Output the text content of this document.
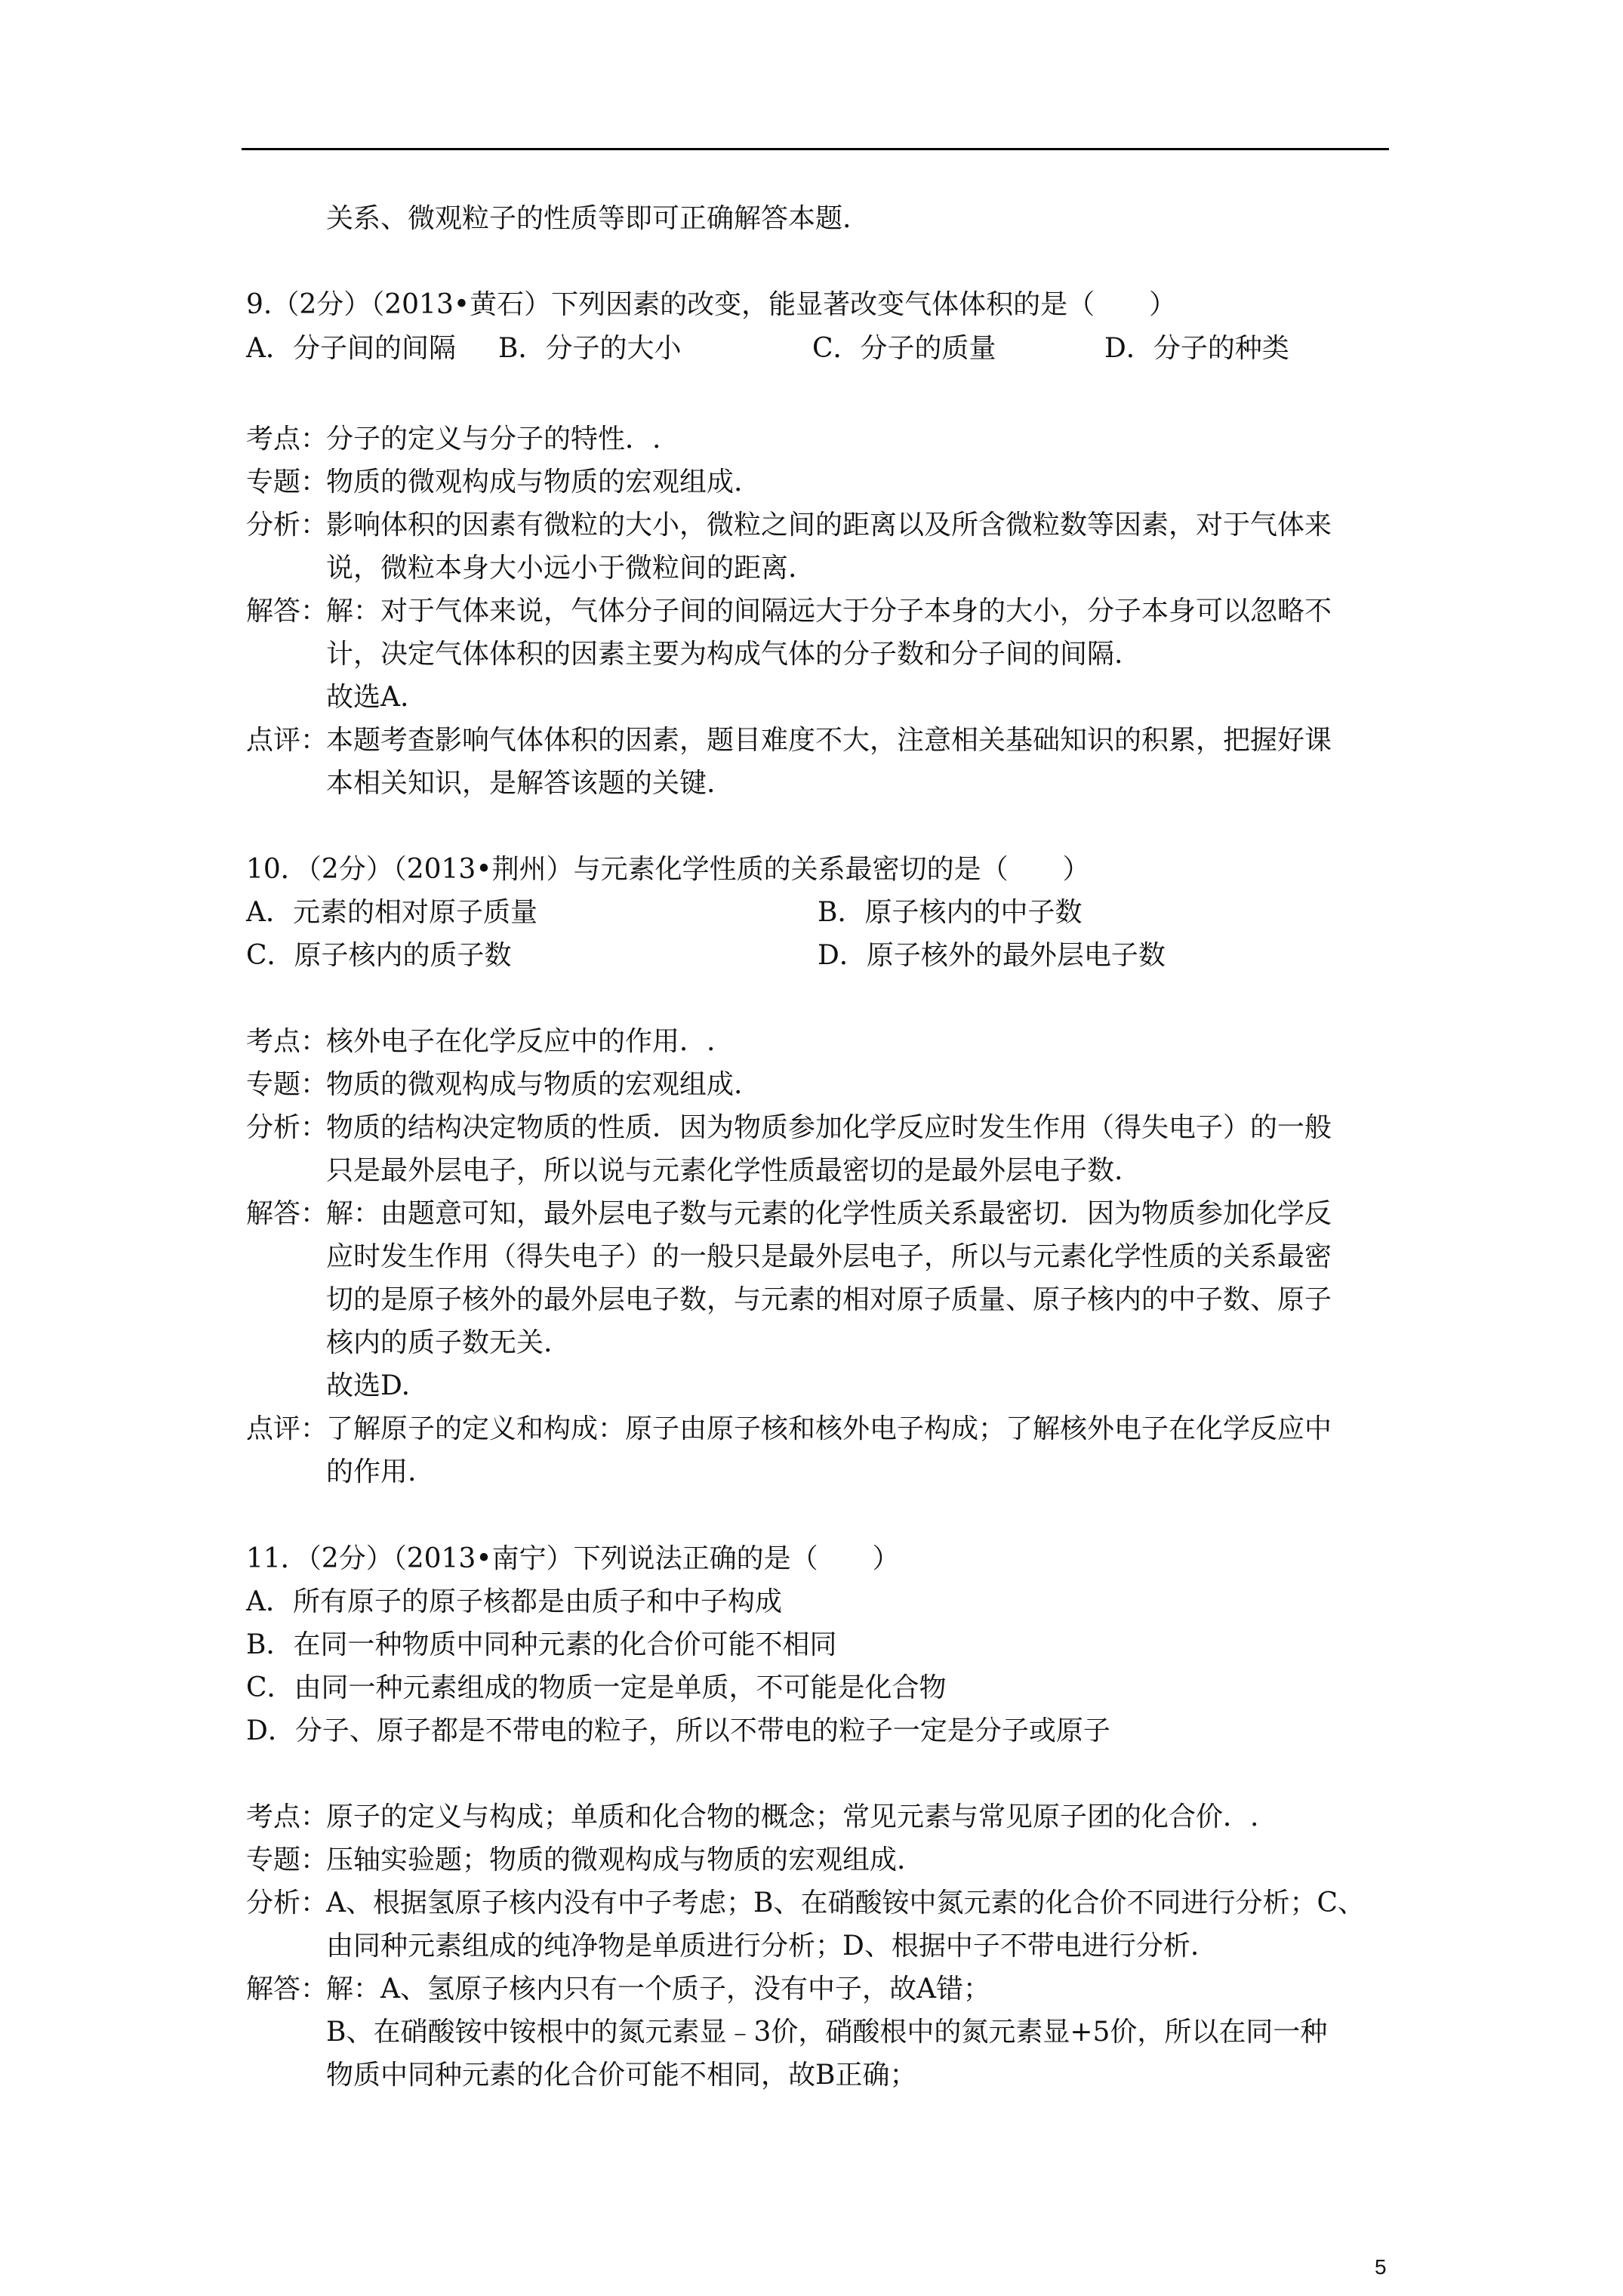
关系、微观粒子的性质等即可正确解答本题.
9.（2分）（2013•黄石）下列因素的改变，能显著改变气体体积的是（　　）
A．分子间的间隔 B．分子的大小	C．分子的质量	D．分子的种类
考点：
分子的定义与分子的特性．.
专题：
物质的微观构成与物质的宏观组成.
分析：
影响体积的因素有微粒的大小，微粒之间的距离以及所含微粒数等因素，对于气体来
说，微粒本身大小远小于微粒间的距离.
解答：
解：对于气体来说，气体分子间的间隔远大于分子本身的大小，分子本身可以忽略不
计，决定气体体积的因素主要为构成气体的分子数和分子间的间隔.
故选A.
点评：
本题考查影响气体体积的因素，题目难度不大，注意相关基础知识的积累，把握好课
本相关知识，是解答该题的关键.
10．（2分）（2013•荆州）与元素化学性质的关系最密切的是（　　）
A．元素的相对原子质量	B．原子核内的中子数
C．原子核内的质子数	D．原子核外的最外层电子数
考点：
核外电子在化学反应中的作用．.
专题：
物质的微观构成与物质的宏观组成.
分析：
物质的结构决定物质的性质．因为物质参加化学反应时发生作用（得失电子）的一般
只是最外层电子，所以说与元素化学性质最密切的是最外层电子数.
解答：
解：由题意可知，最外层电子数与元素的化学性质关系最密切．因为物质参加化学反
应时发生作用（得失电子）的一般只是最外层电子，所以与元素化学性质的关系最密
切的是原子核外的最外层电子数，与元素的相对原子质量、原子核内的中子数、原子
核内的质子数无关.
故选D.
点评：
了解原子的定义和构成：原子由原子核和核外电子构成；了解核外电子在化学反应中
的作用.
11．（2分）（2013•南宁）下列说法正确的是（　　）
A．所有原子的原子核都是由质子和中子构成
B．在同一种物质中同种元素的化合价可能不相同
C．由同一种元素组成的物质一定是单质，不可能是化合物
D．分子、原子都是不带电的粒子，所以不带电的粒子一定是分子或原子
考点：
原子的定义与构成；单质和化合物的概念；常见元素与常见原子团的化合价．.
专题：
压轴实验题；物质的微观构成与物质的宏观组成.
分析：
A、根据氢原子核内没有中子考虑；B、在硝酸铵中氮元素的化合价不同进行分析；C、
由同种元素组成的纯净物是单质进行分析；D、根据中子不带电进行分析.
解答：
解：A、氢原子核内只有一个质子，没有中子，故A错；
B、在硝酸铵中铵根中的氮元素显﹣3价，硝酸根中的氮元素显+5价，所以在同一种
物质中同种元素的化合价可能不相同，故B正确；
5
